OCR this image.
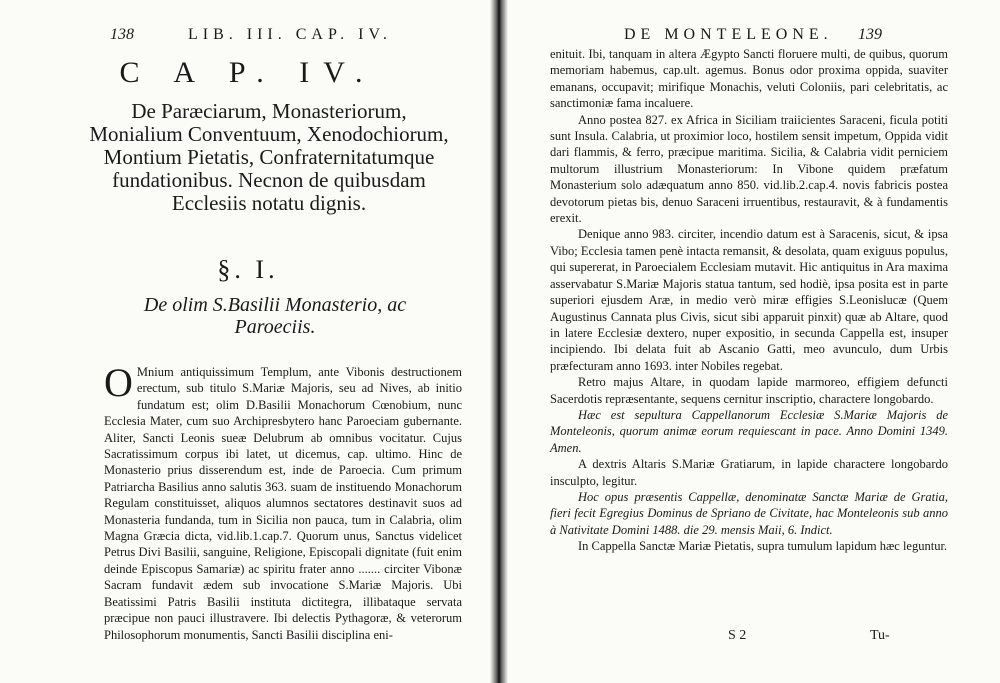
138	LIB. III. CAP. IV.
C A P. IV.
De Paræciarum, Monasteriorum, Monialium Conventuum, Xenodochiorum, Montium Pietatis, Confraternitatumque fundationibus. Necnon de quibusdam Ecclesiis notatu dignis.
§. I.
De olim S.Basilii Monasterio, ac Paroeciis.

O Mnium antiquissimum Templum, ante Vibonis destructionem erectum, sub titulo S.Mariæ Majoris, seu ad Nives, ab initio fundatum est; olim D.Basilii Monachorum Cœnobium, nunc Ecclesia Mater, cum suo Archipresbytero hanc Paroeciam gubernante. Aliter, Sancti Leonis sueæ Delubrum ab omnibus vocitatur. Cujus Sacratissimum corpus ibi latet, ut dicemus, cap. ultimo. Hinc de Monasterio prius disserendum est, inde de Paroecia. Cum primum Patriarcha Basilius anno salutis 363. suam de instituendo Monachorum Regulam constituisset, aliquos alumnos sectatores destinavit suos ad Monasteria fundanda, tum in Sicilia non pauca, tum in Calabria, olim Magna Græcia dicta, vid.lib.1.cap.7. Quorum unus, Sanctus videlicet Petrus Divi Basilii, sanguine, Religione, Episcopali dignitate (fuit enim deinde Episcopus Samariæ) ac spiritu frater anno ....... circiter Vibonæ Sacram fundavit ædem sub invocatione S.Mariæ Majoris. Ubi Beatissimi Patris Basilii instituta dictitegra, illibataque servata præcipue non pauci illustravere. Ibi delectis Pythagoræ, & veterorum Philosophorum monumentis, Sancti Basilii disciplina eni-

DE MONTELEONE. 139

enituit. Ibi, tanquam in altera Ægypto Sancti floruere multi, de quibus, quorum memoriam habemus, cap.ult. agemus. Bonus odor proxima oppida, suaviter emanans, occupavit; mirifique Monachis, veluti Coloniis, pari celebritatis, ac sanctimoniæ fama incaluere.

Anno postea 827. ex Africa in Siciliam traiicientes Saraceni, ficula potiti sunt Insula. Calabria, ut proximior loco, hostilem sensit impetum, Oppida vidit dari flammis, & ferro, præcipue maritima. Sicilia, & Calabria vidit perniciem multorum illustrium Monasteriorum: In Vibone quidem præfatum Monasterium solo adæquatum anno 850. vid.lib.2.cap.4. novis fabricis postea devotorum pietas bis, denuo Saraceni irruentibus, restauravit, & à fundamentis erexit.

Denique anno 983. circiter, incendio datum est à Saracenis, sicut, & ipsa Vibo; Ecclesia tamen penè intacta remansit, & desolata, quam exiguus populus, qui supererat, in Paroecialem Ecclesiam mutavit. Hic antiquitus in Ara maxima asservabatur S.Mariæ Majoris statua tantum, sed hodiè, ipsa posita est in parte superiori ejusdem Aræ, in medio verò miræ effigies S.Leonislucæ (Quem Augustinus Cannata plus Civis, sicut sibi apparuit pinxit) quæ ab Altare, quod in latere Ecclesiæ dextero, nuper expositio, in secunda Cappella est, insuper incipiendo. Ibi delata fuit ab Ascanio Gatti, meo avunculo, dum Urbis præfecturam anno 1693. inter Nobiles regebat.

Retro majus Altare, in quodam lapide marmoreo, effigiem defuncti Sacerdotis repræsentante, sequens cernitur inscriptio, charactere longobardo.

Hæc est sepultura Cappellanorum Ecclesiæ S.Mariæ Majoris de Monteleonis, quorum animæ eorum requiescant in pace. Anno Domini 1349. Amen.

A dextris Altaris S.Mariæ Gratiarum, in lapide charactere longobardo insculpto, legitur.

Hoc opus præsentis Cappellæ, denominatæ Sanctæ Mariæ de Gratia, fieri fecit Egregius Dominus de Spriano de Civitate, hac Monteleonis sub anno à Nativitate Domini 1488. die 29. mensis Maii, 6. Indict.

In Cappella Sanctæ Mariæ Pietatis, supra tumulum lapidum hæc leguntur.

S 2	Tu-
